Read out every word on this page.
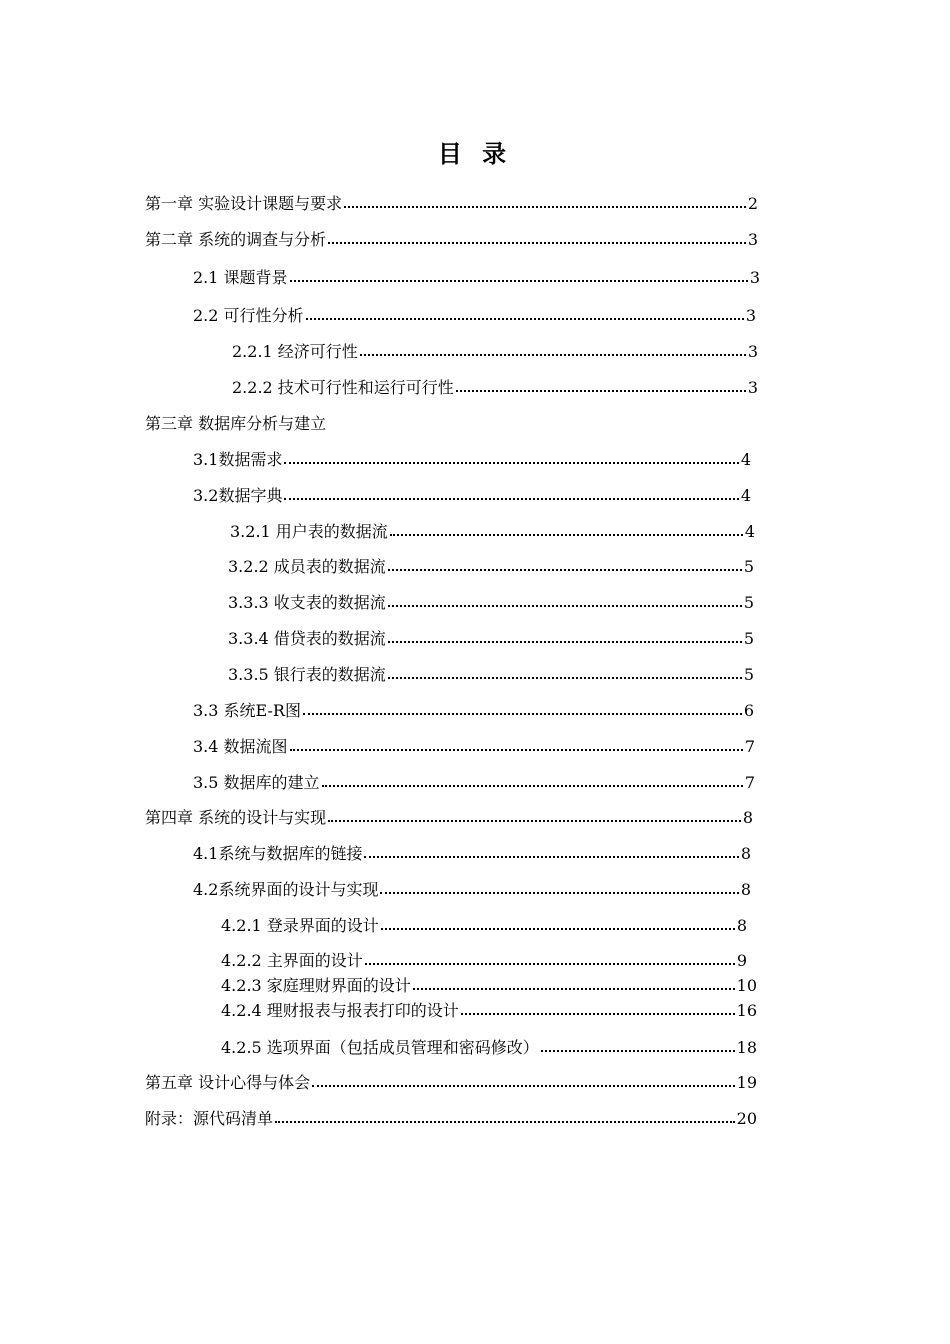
目 录
第一章 实验设计课题与要求	2
第二章 系统的调查与分析	3
2.1 课题背景	3
2.2 可行性分析	3
2.2.1 经济可行性	3
2.2.2 技术可行性和运行可行性	3
第三章 数据库分析与建立
3.1数据需求	4
3.2数据字典	4
3.2.1 用户表的数据流	4
3.2.2 成员表的数据流	5
3.3.3 收支表的数据流	5
3.3.4 借贷表的数据流	5
3.3.5 银行表的数据流	5
3.3 系统E-R图	6
3.4 数据流图	7
3.5 数据库的建立	7
第四章 系统的设计与实现	8
4.1系统与数据库的链接	8
4.2系统界面的设计与实现	8
4.2.1 登录界面的设计	8
4.2.2 主界面的设计	9
4.2.3 家庭理财界面的设计	10
4.2.4 理财报表与报表打印的设计	16
4.2.5 选项界面（包括成员管理和密码修改）	18
第五章 设计心得与体会	19
附录：源代码清单	20
